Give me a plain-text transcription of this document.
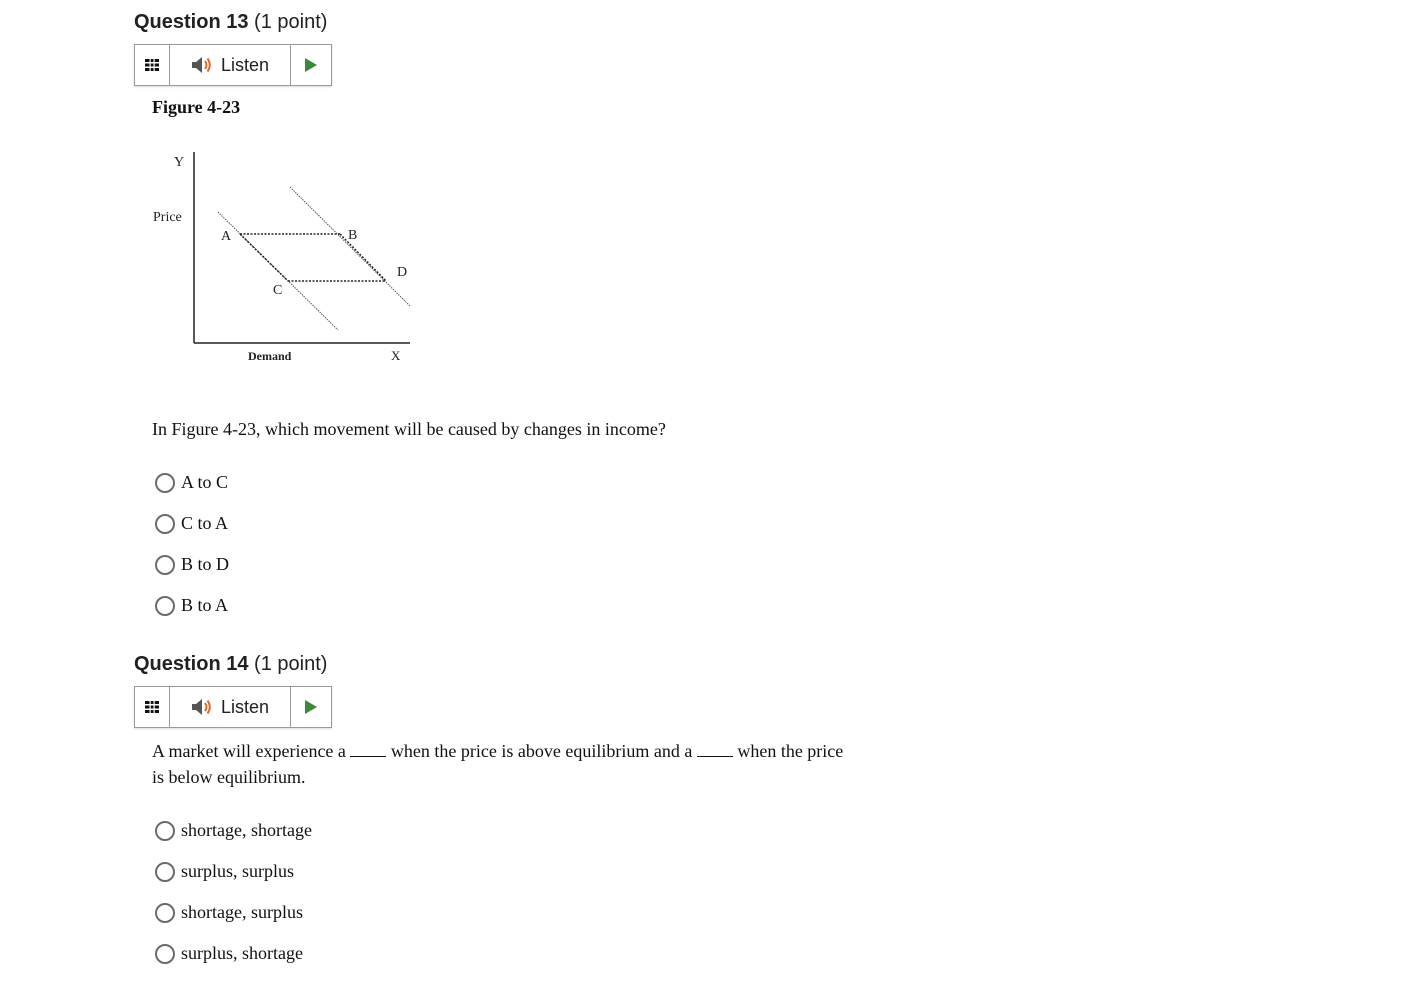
Question 13 (1 point)
Listen
Figure 4-23
Y
Price
A	B
D
C
Demand	X
In Figure 4-23, which movement will be caused by changes in income?
A to C
C to A
B to D
B to A
Question 14 (1 point)
Listen
A market will experience a	when the price is above equilibrium and a	when the price
is below equilibrium.
shortage, shortage
surplus, surplus
shortage, surplus
surplus, shortage
